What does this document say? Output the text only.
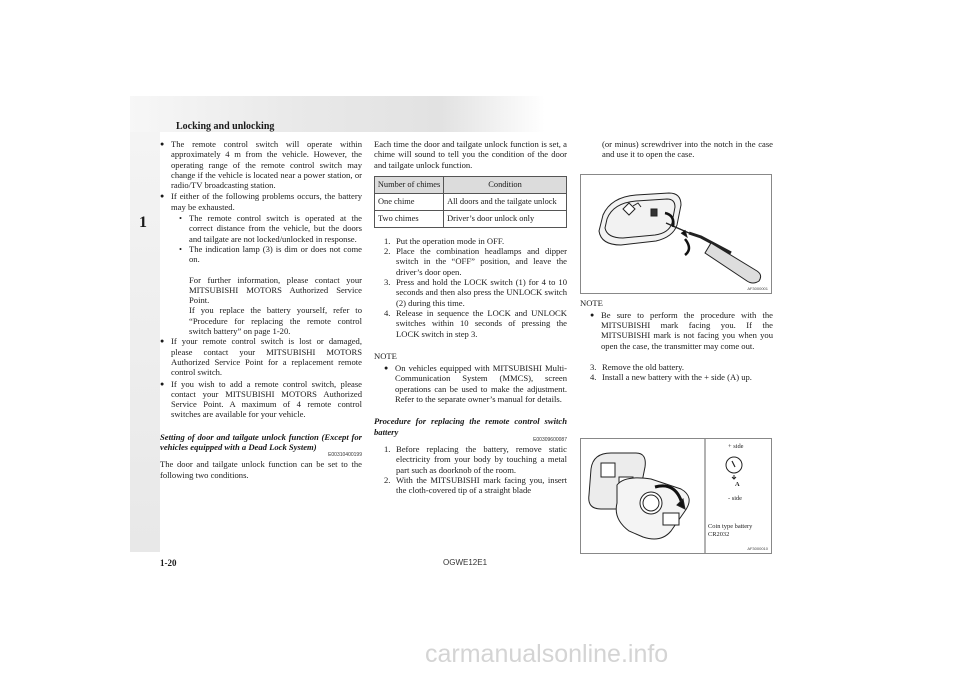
Locking and unlocking
1

● The remote control switch will operate within approximately 4 m from the vehicle. However, the operating range of the remote control switch may change if the vehicle is located near a power station, or radio/TV broadcasting station.

● If either of the following problems occurs, the battery may be exhausted.

• The remote control switch is operated at the correct distance from the vehicle, but the doors and tailgate are not locked/unlocked in response.

• The indication lamp (3) is dim or does not come on.

For further information, please contact your MITSUBISHI MOTORS Authorized Service Point.

If you replace the battery yourself, refer to “Procedure for replacing the remote control switch battery” on page 1-20.

● If your remote control switch is lost or damaged, please contact your MITSUBISHI MOTORS Authorized Service Point for a replacement remote control switch.

● If you wish to add a remote control switch, please contact your MITSUBISHI MOTORS Authorized Service Point. A maximum of 4 remote control switches are available for your vehicle.

Setting of door and tailgate unlock function (Except for vehicles equipped with a Dead Lock System)

E00310400199

The door and tailgate unlock function can be set to the following two conditions.

Each time the door and tailgate unlock function is set, a chime will sound to tell you the condition of the door and tailgate unlock function.

Number of chimes	Condition
One chime	All doors and the tailgate unlock
Two chimes	Driver’s door unlock only

1. Put the operation mode in OFF.

2. Place the combination headlamps and dipper switch in the “OFF” position, and leave the driver’s door open.

3. Press and hold the LOCK switch (1) for 4 to 10 seconds and then also press the UNLOCK switch (2) during this time.

4. Release in sequence the LOCK and UNLOCK switches within 10 seconds of pressing the LOCK switch in step 3.

NOTE

● On vehicles equipped with MITSUBISHI Multi-Communication System (MMCS), screen operations can be used to make the adjustment. Refer to the separate owner’s manual for details.

Procedure for replacing the remote control switch battery

E00309600087

1. Before replacing the battery, remove static electricity from your body by touching a metal part such as doorknob of the room.

2. With the MITSUBISHI mark facing you, insert the cloth-covered tip of a straight blade

(or minus) screwdriver into the notch in the case and use it to open the case.

NOTE

● Be sure to perform the procedure with the MITSUBISHI mark facing you. If the MITSUBISHI mark is not facing you when you open the case, the transmitter may come out.

3. Remove the old battery.

4. Install a new battery with the + side (A) up.

AF3000001
+ side
A
- side
Coin type battery
CR2032
AF3000010
1-20	OGWE12E1
carmanualsonline.info
